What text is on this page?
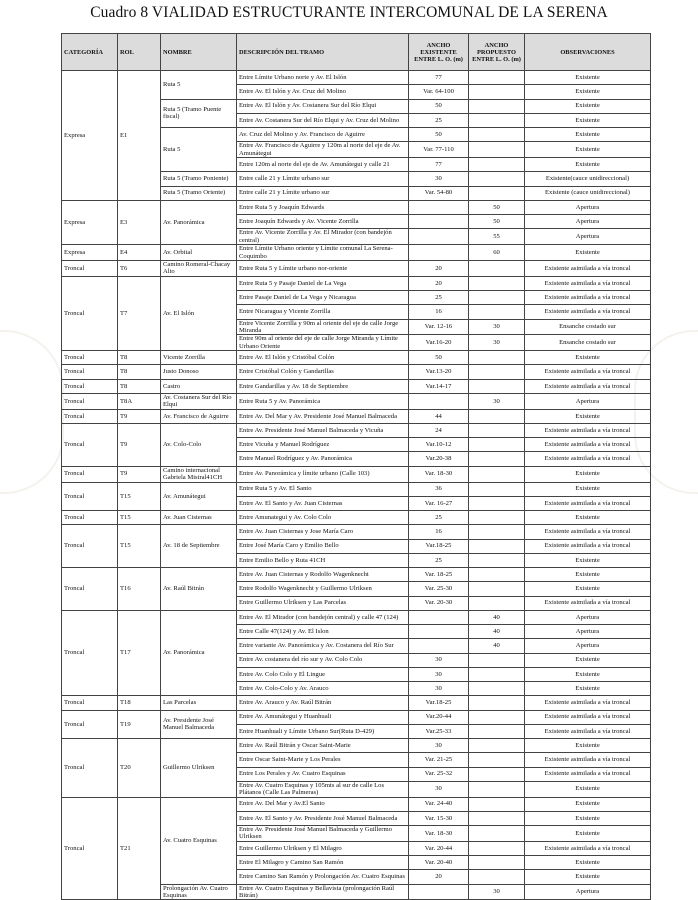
Cuadro 8 VIALIDAD ESTRUCTURANTE INTERCOMUNAL DE LA SERENA
CATEGORÍA	ROL	NOMBRE	DESCRIPCIÓN DEL TRAMO	ANCHO EXISTENTE ENTRE L. O. (m)	ANCHO PROPUESTO ENTRE L. O. (m)	OBSERVACIONES
Expresa	E1	Ruta 5	Entre Límite Urbano norte y Av. El Islón	77		Existente
			Entre Av. El Islón y Av. Cruz del Molino	Var. 64-100		Existente
		Ruta 5 (Tramo Puente fiscal)	Entre Av. El Islón y Av. Costanera Sur del Río Elqui	50		Existente
			Entre Av. Costanera Sur del Río Elqui y Av. Cruz del Molino	25		Existente
		Ruta 5	Av. Cruz del Molino y Av. Francisco de Aguirre	50		Existente
			Entre Av. Francisco de Aguirre y 120m al norte del eje de Av. Amunátegui	Var. 77-110		Existente
			Entre 120m al norte del eje de Av. Amunátegui y calle 21	77		Existente
		Ruta 5 (Tramo Poniente)	Entre calle 21 y Límite urbano sur	30		Existente(cauce unidireccional)
		Ruta 5 (Tramo Oriente)	Entre calle 21 y Límite urbano sur	Var. 54-80		Existente (cauce unidireccional)
Expresa	E3	Av. Panorámica	Entre Ruta 5 y Joaquín Edwards		50	Apertura
			Entre Joaquín Edwards y Av. Vicente Zorrilla		50	Apertura
			Entre Av. Vicente Zorrilla y Av. El Mirador (con bandejón central)		55	Apertura
Expresa	E4	Av. Orbital	Entre Límite Urbano oriente y Límite comunal La Serena-Coquimbo		60	Existente
Troncal	T6	Camino Romeral-Chacay Alto	Entre Ruta 5 y Límite urbano nor-oriente	20		Existente asimilada a vía troncal
Troncal	T7	Av. El Islón	Entre Ruta 5 y Pasaje Daniel de La Vega	20		Existente asimilada a vía troncal
			Entre Pasaje Daniel de La Vega y Nicaragua	25		Existente asimilada a vía troncal
			Entre Nicaragua y Vicente Zorrilla	16		Existente asimilada a vía troncal
			Entre Vicente Zorrilla y 90m al oriente del eje de calle Jorge Miranda	Var. 12-16	30	Ensanche costado sur
			Entre 90m al oriente del eje de calle Jorge Miranda y Límite Urbano Oriente	Var.16-20	30	Ensanche costado sur
Troncal	T8	Vicente Zorrilla	Entre Av. El Islón y Cristóbal Colón	50		Existente
Troncal	T8	Justo Donoso	Entre Cristóbal Colón y Gandarillas	Var.13-20		Existente asimilada a vía troncal
Troncal	T8	Castro	Entre Gandarillas y Av. 18 de Septiembre	Var.14-17		Existente asimilada a vía troncal
Troncal	T8A	Av. Costanera Sur del Río Elqui	Entre Ruta 5 y Av. Panorámica		30	Apertura
Troncal	T9	Av. Francisco de Aguirre	Entre Av. Del Mar y Av. Presidente José Manuel Balmaceda	44		Existente
Troncal	T9	Av. Colo-Colo	Entre Av. Presidente José Manuel Balmaceda y Vicuña	24		Existente asimilada a vía troncal
			Entre Vicuña y Manuel Rodríguez	Var.10-12		Existente asimilada a vía troncal
			Entre Manuel Rodríguez y Av. Panorámica	Var.20-38		Existente asimilada a vía troncal
Troncal	T9	Camino internacional Gabriela Mistral41CH	Entre Av. Panorámica y límite urbano (Calle 103)	Var. 18-30		Existente
Troncal	T15	Av. Amunátegui	Entre Ruta 5 y Av. El Santo	36		Existente
			Entre Av. El Santo y Av. Juan Cisternas	Var. 16-27		Existente asimilada a vía troncal
Troncal	T15	Av. Juan Cisternas	Entre Amunategui y Av. Colo Colo	25		Existente
Troncal	T15	Av. 18 de Septiembre	Entre Av. Juan Cisternas y Jose María Caro	16		Existente asimilada a vía troncal
			Entre José María Caro y Emilio Bello	Var.18-25		Existente asimilada a vía troncal
			Entre Emilio Bello y Ruta 41CH	25		Existente
Troncal	T16	Av. Raúl Bitrán	Entre Av. Juan Cisternas y Rodolfo Wagenknecht	Var. 18-25		Existente
			Entre Rodolfo Wagenknecht y Guillermo Ulriksen	Var. 25-30		Existente
			Entre Guillermo Ulriksen y Las Parcelas	Var. 20-30		Existente asimilada a vía troncal
Troncal	T17	Av. Panorámica	Entre Av. El Mirador (con bandejón central) y calle 47 (124)		40	Apertura
			Entre Calle 47(124) y Av. El Islon		40	Apertura
			Entre variante Av. Panorámica y Av. Costanera del Río Sur		40	Apertura
			Entre Av. costanera del río sur y Av. Colo Colo	30		Existente
			Entre Av. Colo Colo y El Lingue	30		Existente
			Entre Av. Colo-Colo y Av. Arauco	30		Existente
Troncal	T18	Las Parcelas	Entre Av. Arauco y Av. Raúl Bitrán	Var.18-25		Existente asimilada a vía troncal
Troncal	T19	Av. Presidente José Manuel Balmaceda	Entre Av. Amunátegui y Huanhuali	Var.20-44		Existente asimilada a vía troncal
			Entre Huanhuali y Límite Urbano Sur(Ruta D-429)	Var.25-33		Existente asimilada a vía troncal
Troncal	T20	Guillermo Ulriksen	Entre Av. Raúl Bitrán y Oscar Saint-Marie	30		Existente
			Entre Oscar Saint-Marie y Los Perales	Var. 21-25		Existente asimilada a vía troncal
			Entre Los Perales y Av. Cuatro Esquinas	Var. 25-32		Existente asimilada a vía troncal
			Entre Av. Cuatro Esquinas y 105mts al sur de calle Los Plátanos (Calle Las Palmeras)	30		Existente
Troncal	T21	Av. Cuatro Esquinas	Entre Av. Del Mar y Av.El Santo	Var. 24-40		Existente
			Entre Av. El Santo y Av. Presidente José Manuel Balmaceda	Var. 15-30		Existente
			Entre Av. Presidente José Manuel Balmaceda y Guillermo Ulriksen	Var. 18-30		Existente
			Entre Guillermo Ulriksen y El Milagro	Var. 20-44		Existente asimilada a vía troncal
			Entre El Milagro y Camino San Ramón	Var. 20-40		Existente
			Entre Camino San Ramón y Prolongación Av. Cuatro Esquinas	20		Existente
		Prolongación Av. Cuatro Esquinas	Entre Av. Cuatro Esquinas y Bellavista (prolongación Raúl Bitrán)		30	Apertura
